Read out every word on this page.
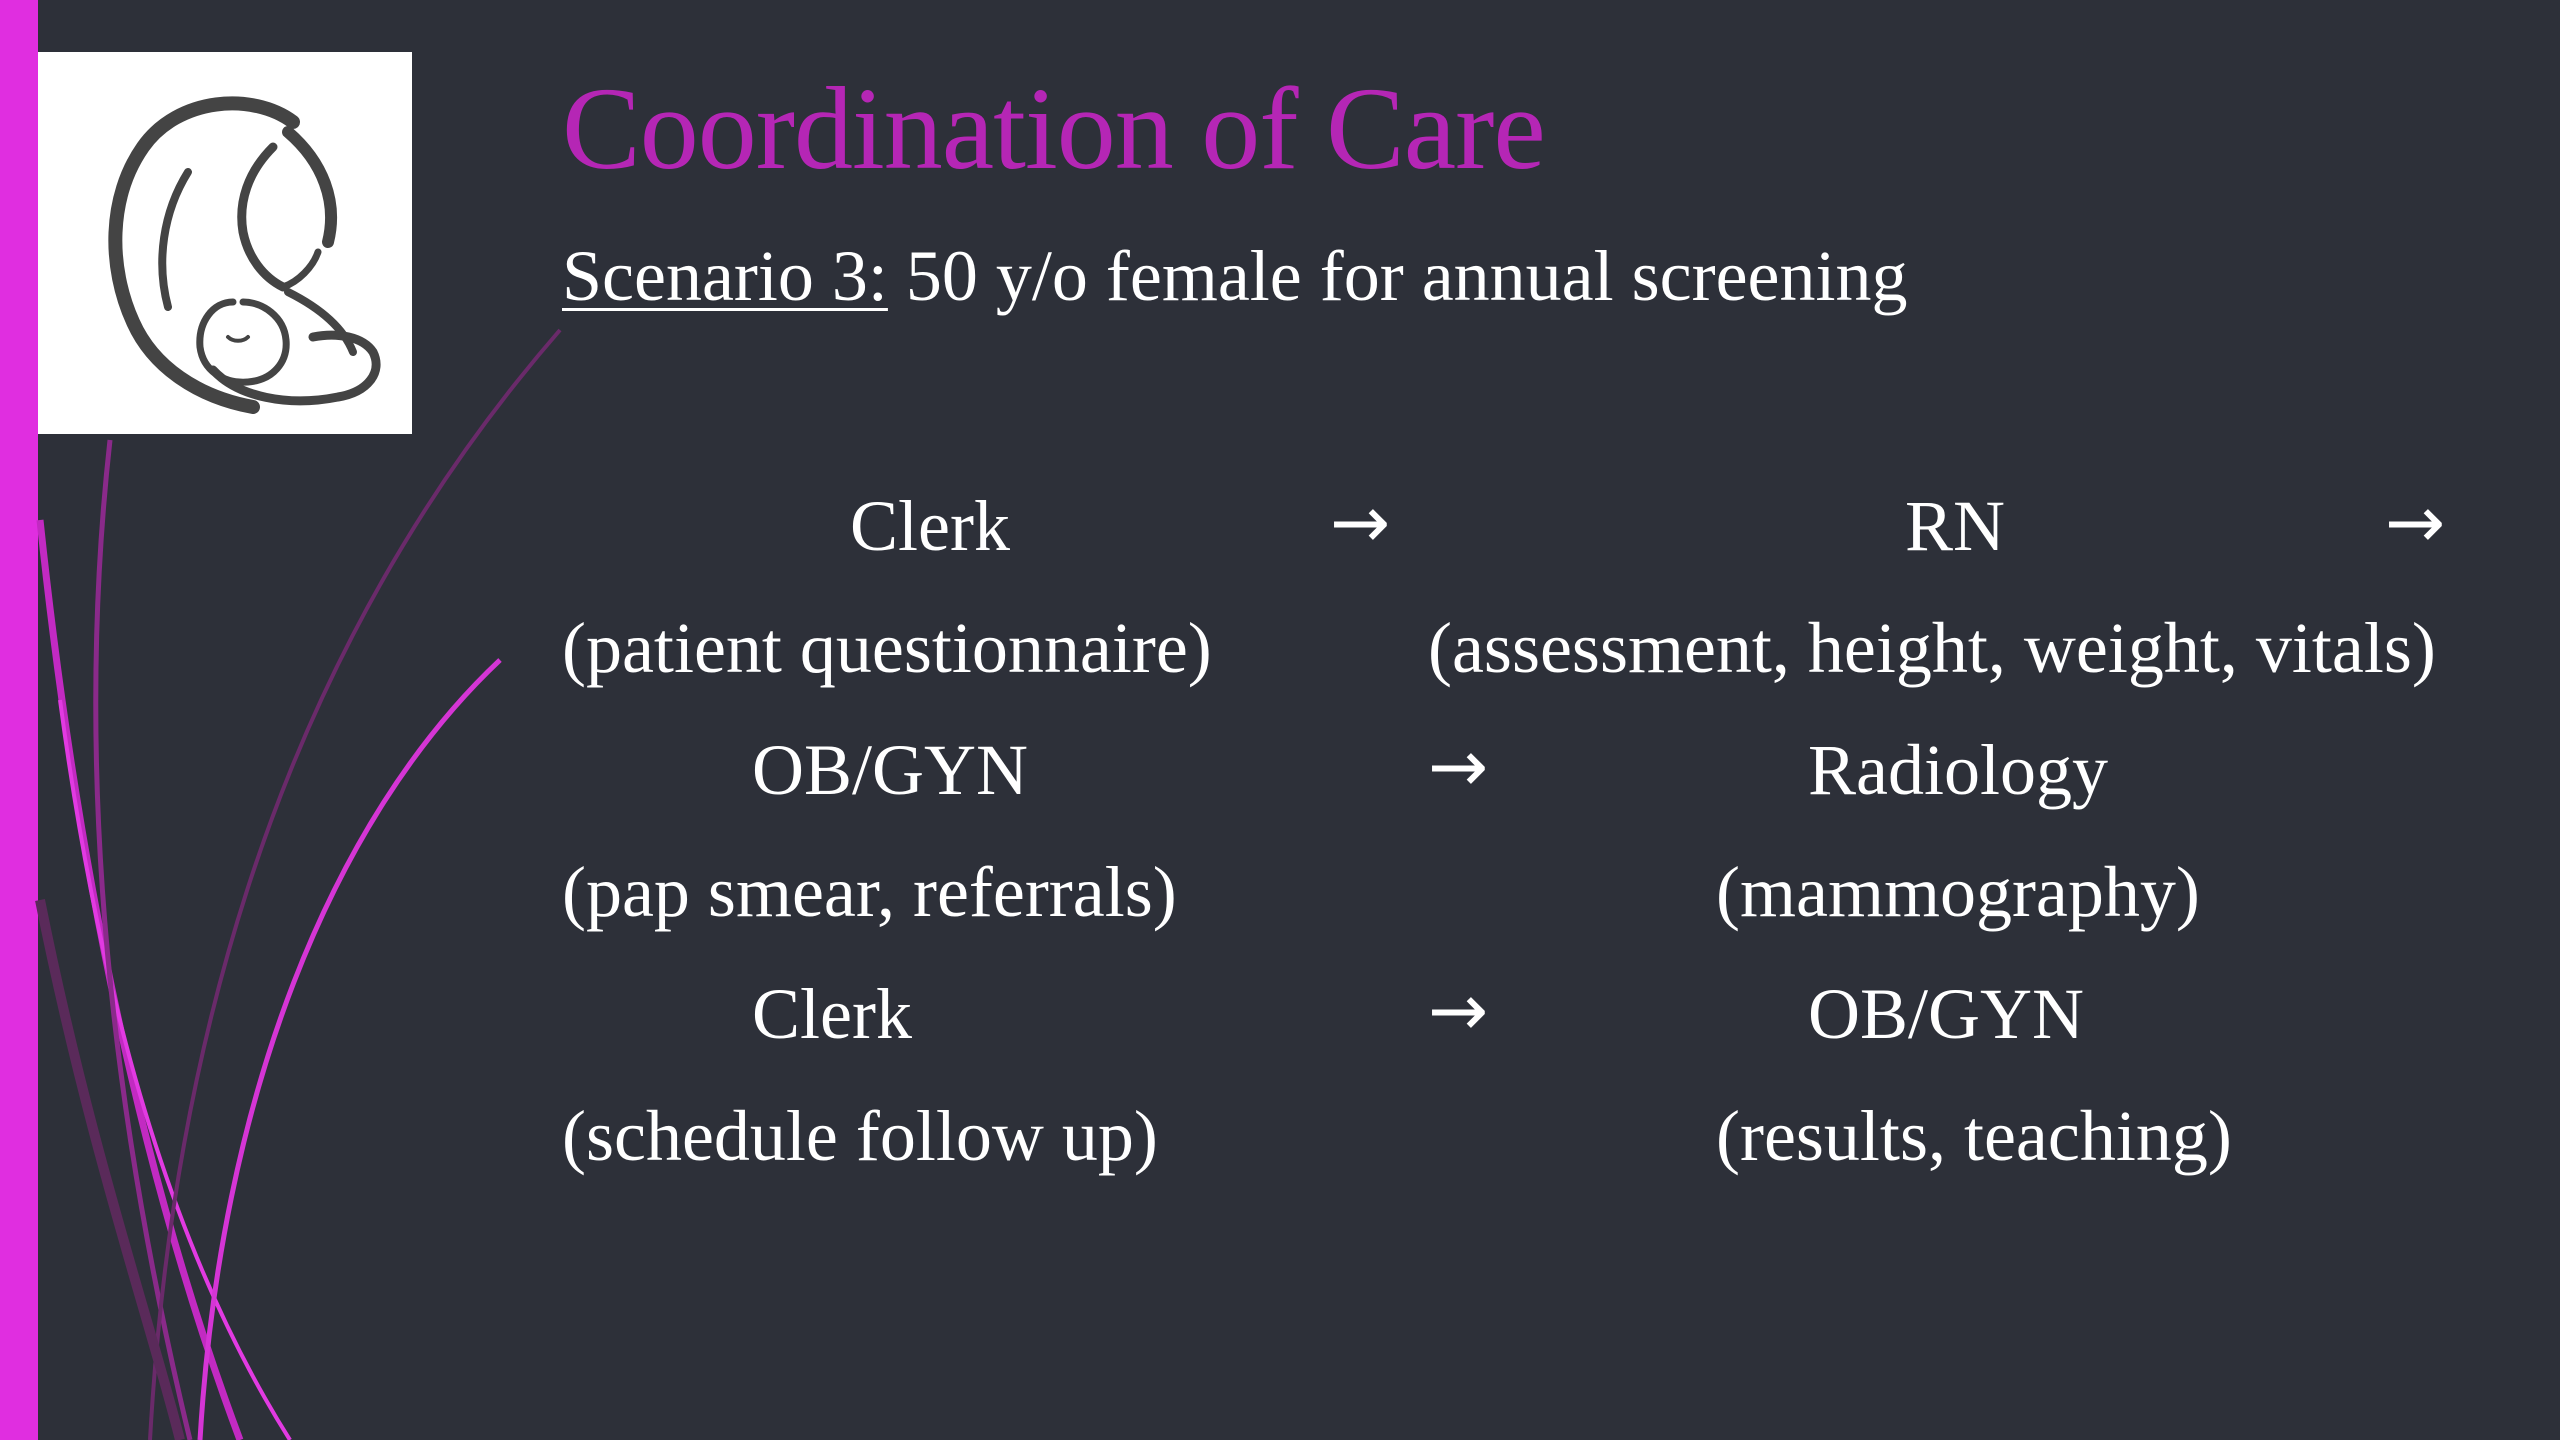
Coordination of Care
Scenario 3: 50 y/o female for annual screening
Clerk	→	RN	→
(patient questionnaire)	(assessment, height, weight, vitals)
OB/GYN	→	Radiology
(pap smear, referrals)	(mammography)
Clerk	→	OB/GYN
(schedule follow up)	(results, teaching)
